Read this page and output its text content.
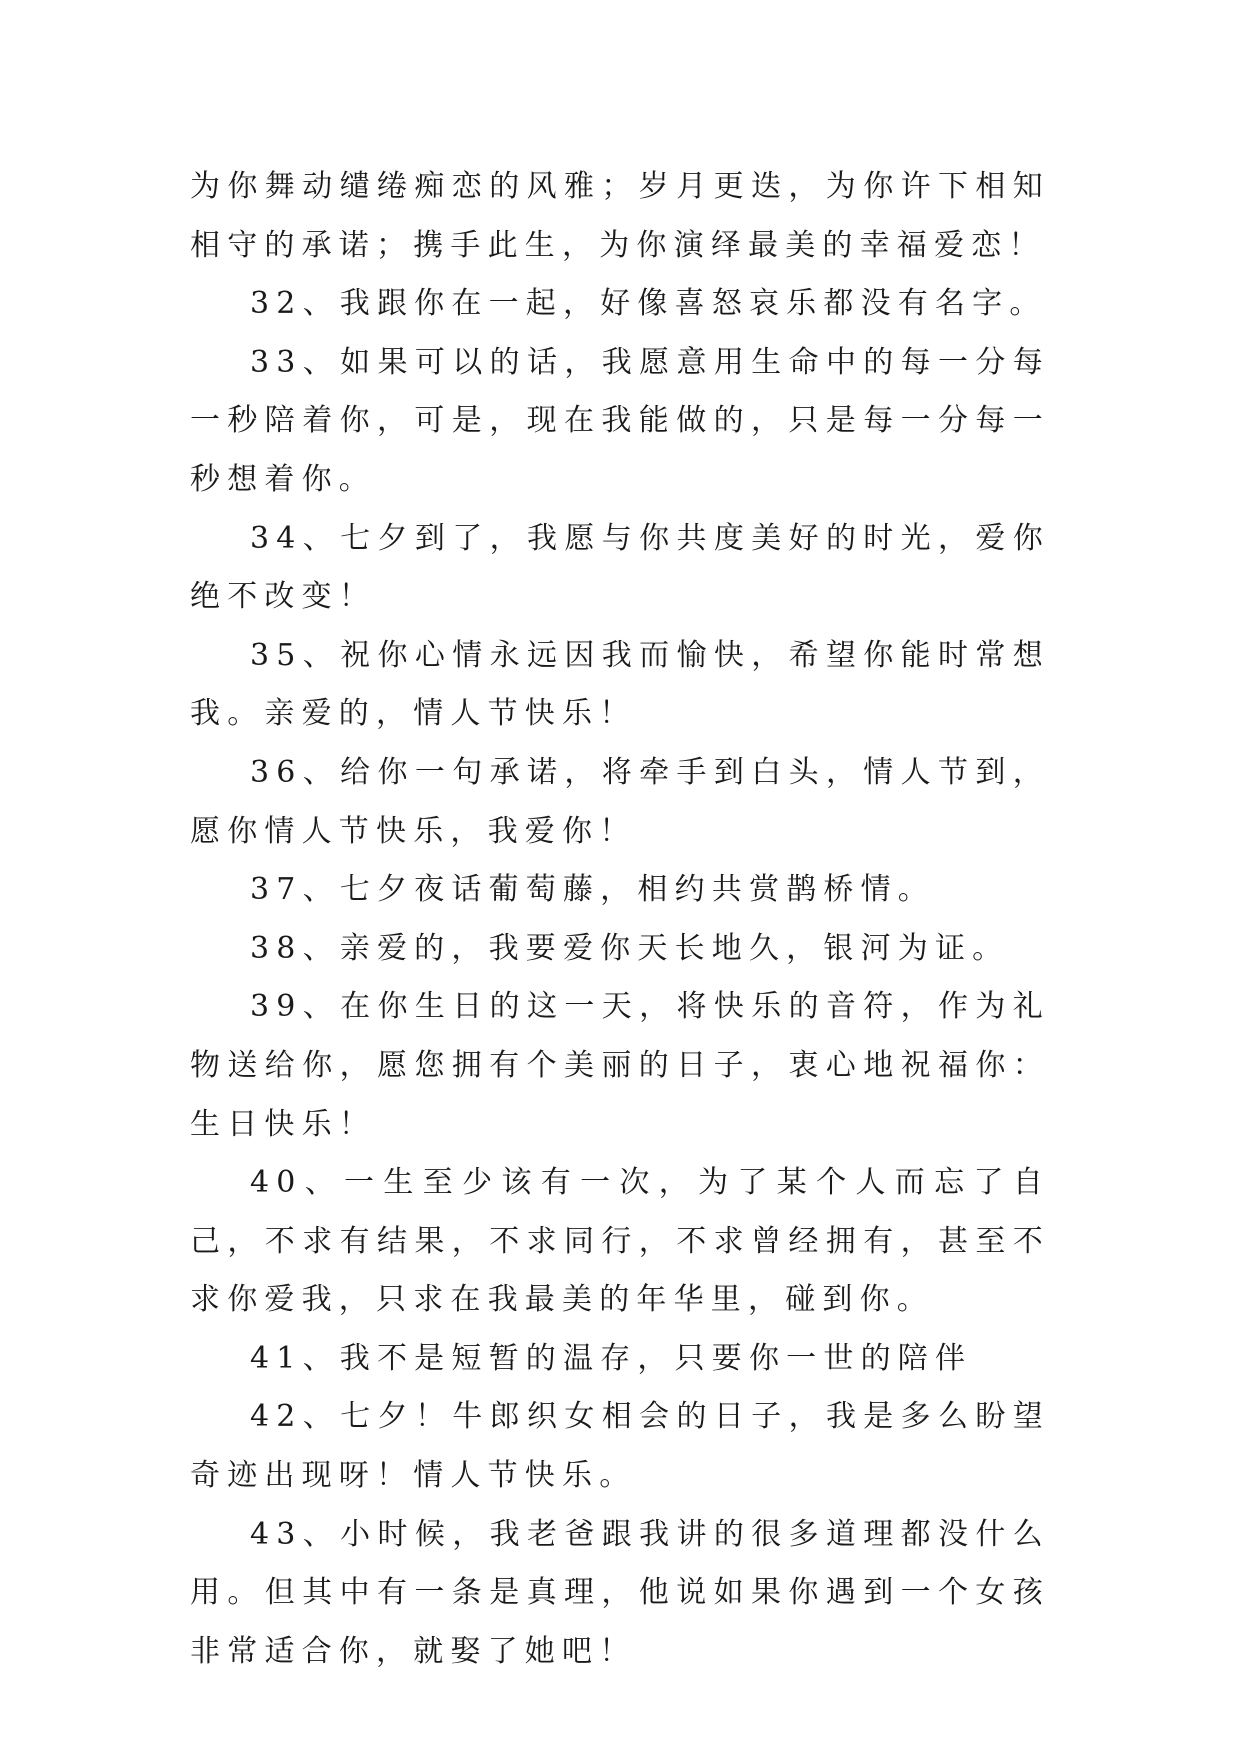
为你舞动缱绻痴恋的风雅；岁月更迭，为你许下相知相守的承诺；携手此生，为你演绎最美的幸福爱恋！

32、我跟你在一起，好像喜怒哀乐都没有名字。

33、如果可以的话，我愿意用生命中的每一分每一秒陪着你，可是，现在我能做的，只是每一分每一秒想着你。

34、七夕到了，我愿与你共度美好的时光，爱你绝不改变！

35、祝你心情永远因我而愉快，希望你能时常想我。亲爱的，情人节快乐！

36、给你一句承诺，将牵手到白头，情人节到，愿你情人节快乐，我爱你！

37、七夕夜话葡萄藤，相约共赏鹊桥情。

38、亲爱的，我要爱你天长地久，银河为证。

39、在你生日的这一天，将快乐的音符，作为礼物送给你，愿您拥有个美丽的日子，衷心地祝福你：生日快乐！

40、一生至少该有一次，为了某个人而忘了自己，不求有结果，不求同行，不求曾经拥有，甚至不求你爱我，只求在我最美的年华里，碰到你。

41、我不是短暂的温存，只要你一世的陪伴

42、七夕！牛郎织女相会的日子，我是多么盼望奇迹出现呀！情人节快乐。

43、小时候，我老爸跟我讲的很多道理都没什么用。但其中有一条是真理，他说如果你遇到一个女孩非常适合你，就娶了她吧！
